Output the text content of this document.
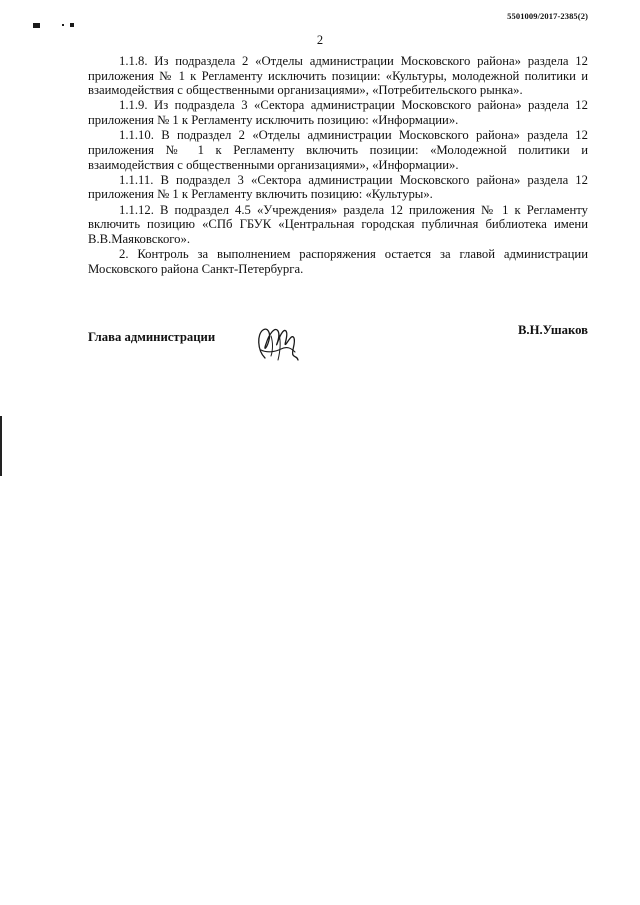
5501009/2017-2385(2)
2

1.1.8. Из подраздела 2 «Отделы администрации Московского района» раздела 12 приложения № 1 к Регламенту исключить позиции: «Культуры, молодежной политики и взаимодействия с общественными организациями», «Потребительского рынка».

1.1.9. Из подраздела 3 «Сектора администрации Московского района» раздела 12 приложения № 1 к Регламенту исключить позицию: «Информации».

1.1.10. В подраздел 2 «Отделы администрации Московского района» раздела 12 приложения № 1 к Регламенту включить позиции: «Молодежной политики и взаимодействия с общественными организациями», «Информации».

1.1.11. В подраздел 3 «Сектора администрации Московского района» раздела 12 приложения № 1 к Регламенту включить позицию: «Культуры».

1.1.12. В подраздел 4.5 «Учреждения» раздела 12 приложения № 1 к Регламенту включить позицию «СПб ГБУК «Центральная городская публичная библиотека имени В.В.Маяковского».

2. Контроль за выполнением распоряжения остается за главой администрации Московского района Санкт-Петербурга.

Глава администрации	В.Н.Ушаков
